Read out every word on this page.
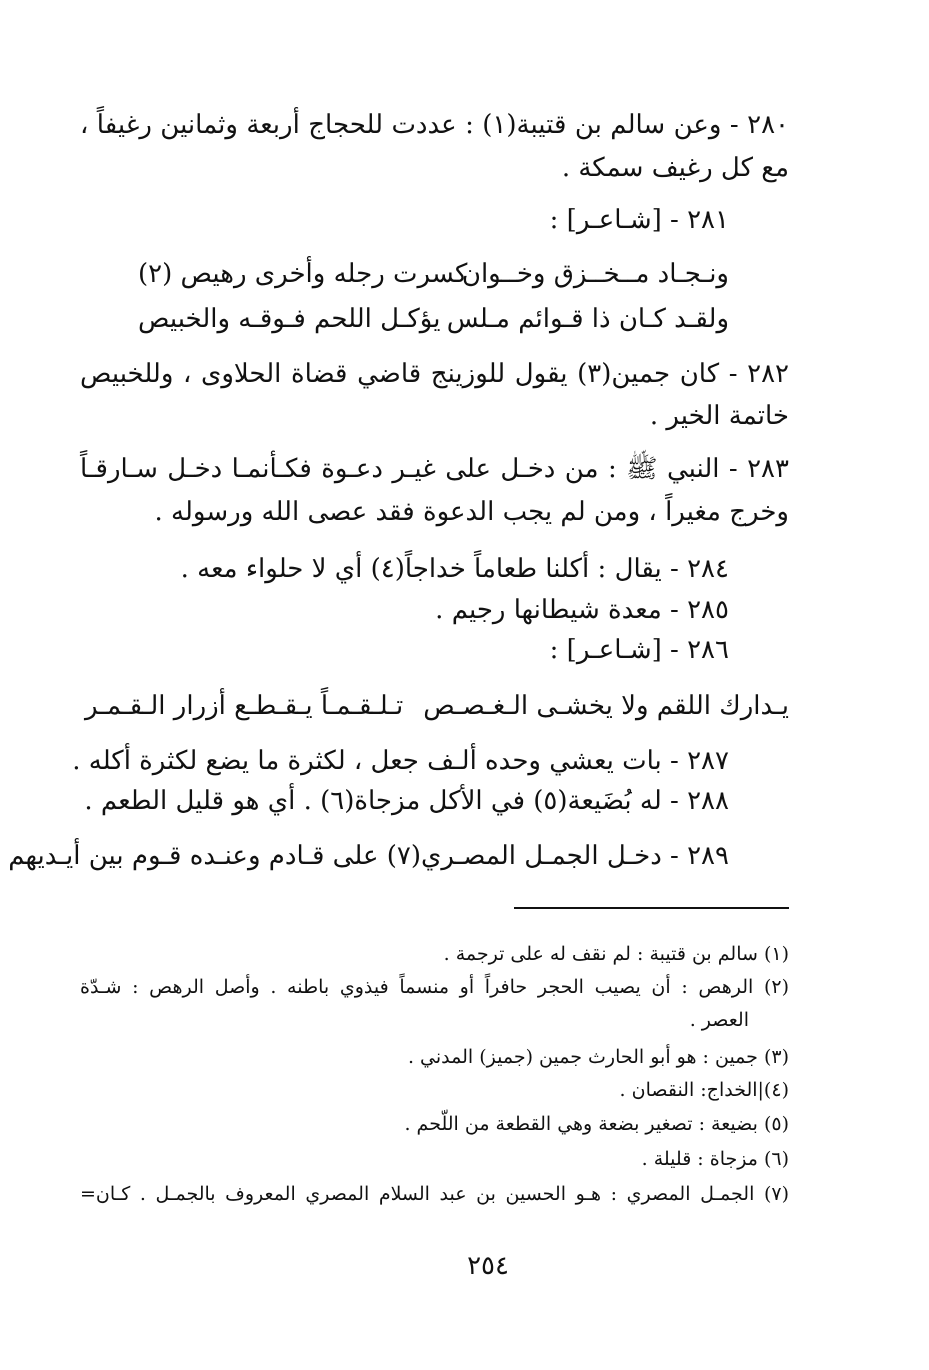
٢٨٠ - وعن سالم بن قتيبة(١) : عددت للحجاج أربعة وثمانين رغيفاً ،
مع كل رغيف سمكة .
٢٨١ - [شـاعـر] :
ونـجـاد مــخــزق وخــوان
كسرت رجله وأخرى رهيص (٢)
ولقـد كـان ذا قـوائم مـلس
يؤكـل اللحم فـوقـه والخبيص
٢٨٢ - كان جمين(٣) يقول للوزينج قاضي قضاة الحلاوى ، وللخبيص
خاتمة الخير .
٢٨٣ - النبي ﷺ : من دخـل على غيـر دعـوة فكـأنمـا دخـل سـارقـاً
وخرج مغيراً ، ومن لم يجب الدعوة فقد عصى الله ورسوله .
٢٨٤ - يقال : أكلنا طعاماً خداجاً(٤) أي لا حلواء معه .
٢٨٥ - معدة شيطانها رجيم .
٢٨٦ - [شـاعـر] :
يـدارك اللقم ولا يخشـى الـغـصـص
تـلـقـمـاً يـقـطـع أزرار الـقـمـر
٢٨٧ - بات يعشي وحده ألـف جعل ، لكثرة ما يضع لكثرة أكله .
٢٨٨ - له بُضَيعة(٥) في الأكل مزجاة(٦) . أي هو قليل الطعم .
٢٨٩ - دخـل الجمـل المصـري(٧) على قـادم وعنـده قـوم بين أيـديهم
(١) سالم بن قتيبة : لم نقف له على ترجمة .
(٢) الرهص : أن يصيب الحجر حافراً أو منسماً فيذوي باطنه . وأصل الرهص : شـدّة
العصر .
(٣) جمين : هو أبو الحارث جمين (جميز) المدني .
(٤)|الخداج: النقصان .
(٥) بضيعة : تصغير بضعة وهي القطعة من اللّحم .
(٦) مزجاة : قليلة .
(٧) الجمـل المصري : هـو الحسين بن عبد السلام المصري المعروف بالجمـل . كـان=
٢٥٤
